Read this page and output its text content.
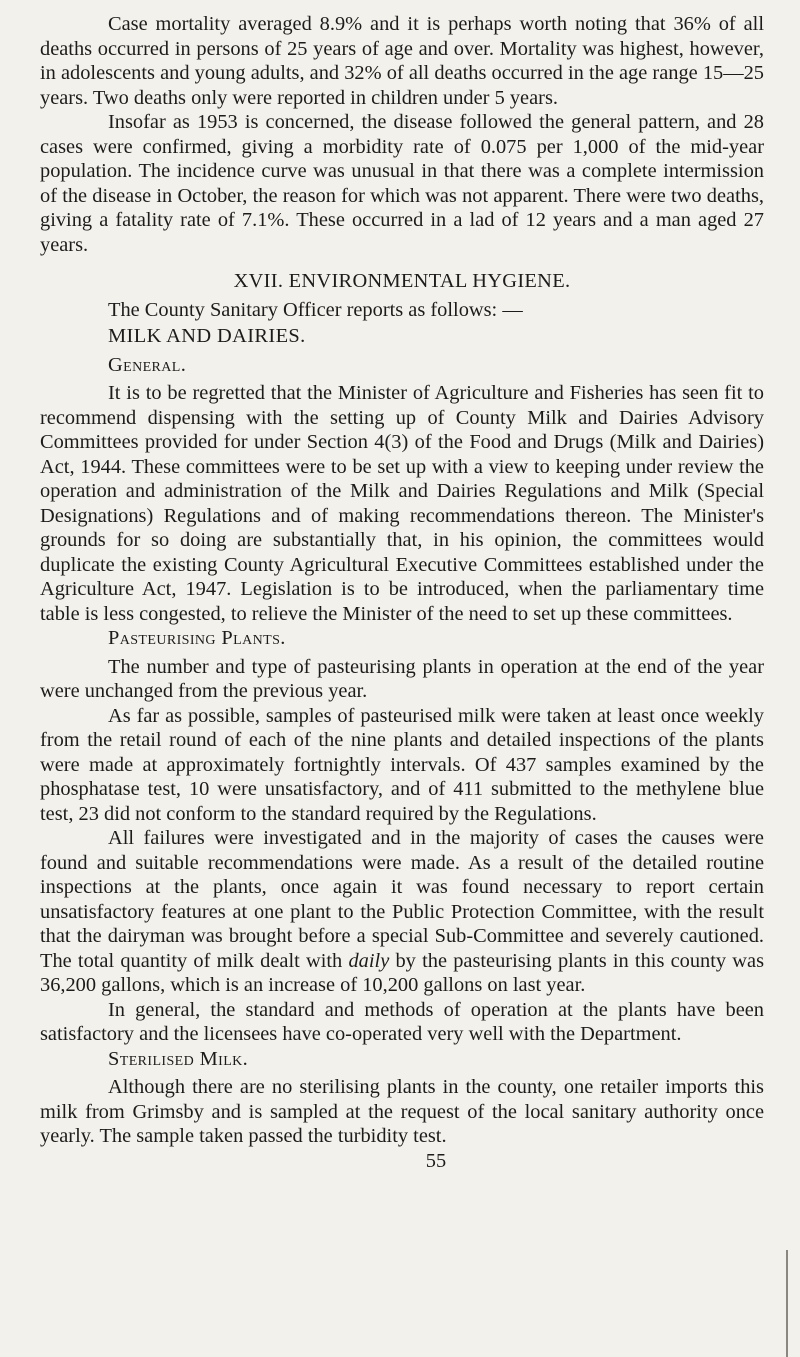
Case mortality averaged 8.9% and it is perhaps worth noting that 36% of all deaths occurred in persons of 25 years of age and over. Mortality was highest, however, in adolescents and young adults, and 32% of all deaths occurred in the age range 15—25 years. Two deaths only were reported in children under 5 years.

Insofar as 1953 is concerned, the disease followed the general pattern, and 28 cases were confirmed, giving a morbidity rate of 0.075 per 1,000 of the mid-year population. The incidence curve was unusual in that there was a complete intermission of the disease in October, the reason for which was not apparent. There were two deaths, giving a fatality rate of 7.1%. These occurred in a lad of 12 years and a man aged 27 years.

XVII. ENVIRONMENTAL HYGIENE.

The County Sanitary Officer reports as follows: —

MILK AND DAIRIES.

General.

It is to be regretted that the Minister of Agriculture and Fisheries has seen fit to recommend dispensing with the setting up of County Milk and Dairies Advisory Committees provided for under Section 4(3) of the Food and Drugs (Milk and Dairies) Act, 1944. These committees were to be set up with a view to keeping under review the operation and administration of the Milk and Dairies Regulations and Milk (Special Designations) Regulations and of making recommendations thereon. The Minister's grounds for so doing are substantially that, in his opinion, the committees would duplicate the existing County Agricultural Executive Committees established under the Agriculture Act, 1947. Legislation is to be introduced, when the parliamentary time table is less congested, to relieve the Minister of the need to set up these committees.

Pasteurising Plants.

The number and type of pasteurising plants in operation at the end of the year were unchanged from the previous year.

As far as possible, samples of pasteurised milk were taken at least once weekly from the retail round of each of the nine plants and detailed inspections of the plants were made at approximately fortnightly intervals. Of 437 samples examined by the phosphatase test, 10 were unsatisfactory, and of 411 submitted to the methylene blue test, 23 did not conform to the standard required by the Regulations.

All failures were investigated and in the majority of cases the causes were found and suitable recommendations were made. As a result of the detailed routine inspections at the plants, once again it was found necessary to report certain unsatisfactory features at one plant to the Public Protection Committee, with the result that the dairyman was brought before a special Sub-Committee and severely cautioned. The total quantity of milk dealt with daily by the pasteurising plants in this county was 36,200 gallons, which is an increase of 10,200 gallons on last year.

In general, the standard and methods of operation at the plants have been satisfactory and the licensees have co-operated very well with the Department.

Sterilised Milk.

Although there are no sterilising plants in the county, one retailer imports this milk from Grimsby and is sampled at the request of the local sanitary authority once yearly. The sample taken passed the turbidity test.

55
